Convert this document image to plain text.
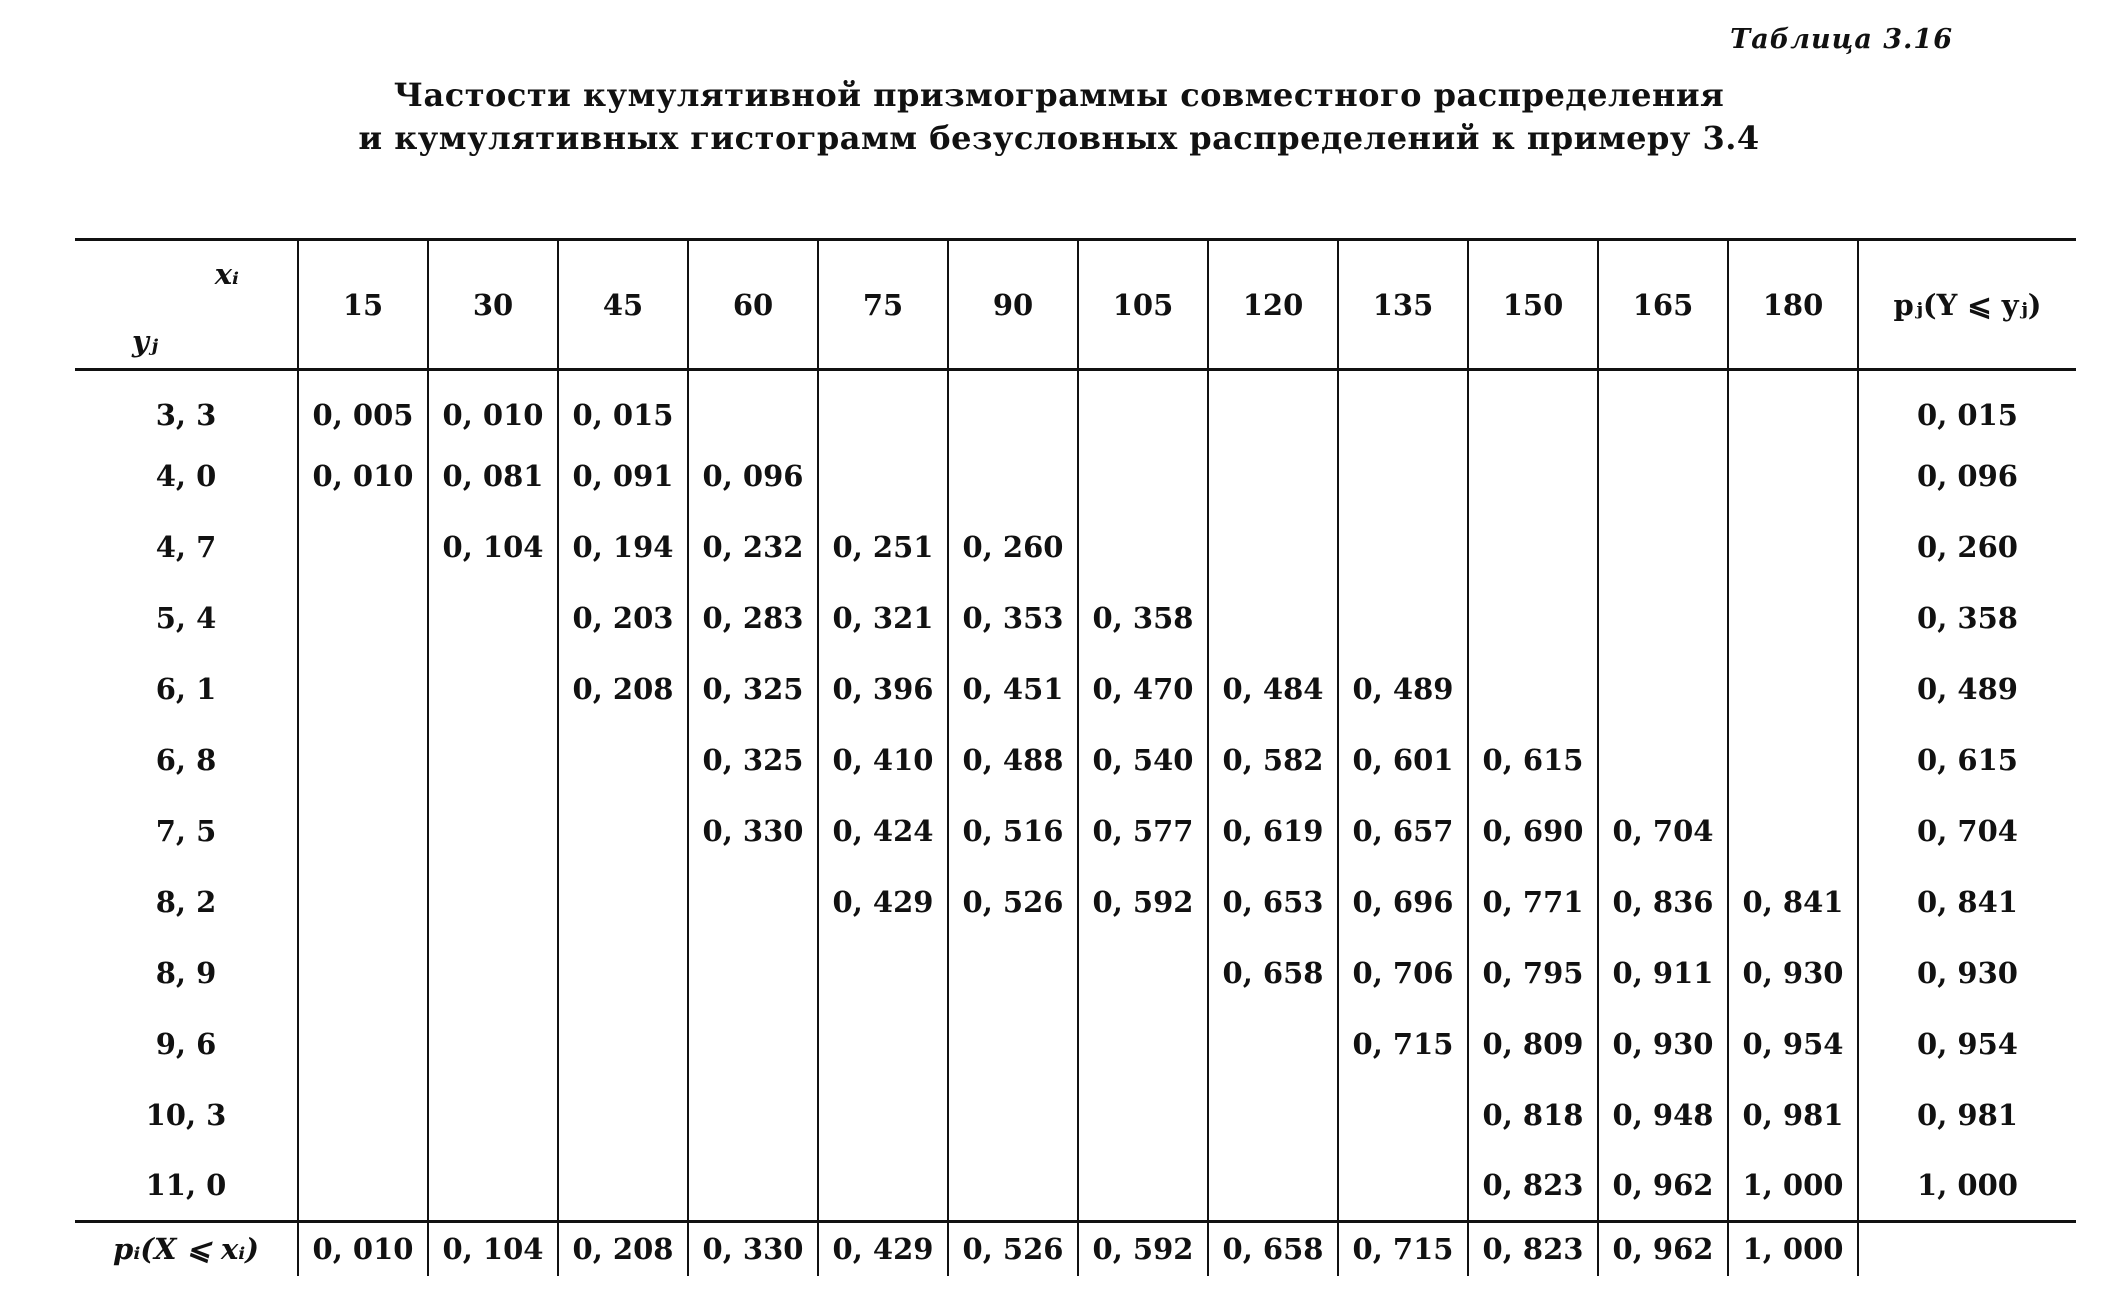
Таблица 3.16
Частости кумулятивной призмограммы совместного распределения
и кумулятивных гистограмм безусловных распределений к примеру 3.4
xᵢ
yⱼ	15	30	45	60	75	90	105	120	135	150	165	180	pⱼ(Y ⩽ yⱼ)
3, 3	0, 005	0, 010	0, 015										0, 015
4, 0	0, 010	0, 081	0, 091	0, 096									0, 096
4, 7		0, 104	0, 194	0, 232	0, 251	0, 260							0, 260
5, 4			0, 203	0, 283	0, 321	0, 353	0, 358						0, 358
6, 1			0, 208	0, 325	0, 396	0, 451	0, 470	0, 484	0, 489				0, 489
6, 8				0, 325	0, 410	0, 488	0, 540	0, 582	0, 601	0, 615			0, 615
7, 5				0, 330	0, 424	0, 516	0, 577	0, 619	0, 657	0, 690	0, 704		0, 704
8, 2					0, 429	0, 526	0, 592	0, 653	0, 696	0, 771	0, 836	0, 841	0, 841
8, 9								0, 658	0, 706	0, 795	0, 911	0, 930	0, 930
9, 6									0, 715	0, 809	0, 930	0, 954	0, 954
10, 3										0, 818	0, 948	0, 981	0, 981
11, 0										0, 823	0, 962	1, 000	1, 000
pᵢ(X ⩽ xᵢ)	0, 010	0, 104	0, 208	0, 330	0, 429	0, 526	0, 592	0, 658	0, 715	0, 823	0, 962	1, 000	
